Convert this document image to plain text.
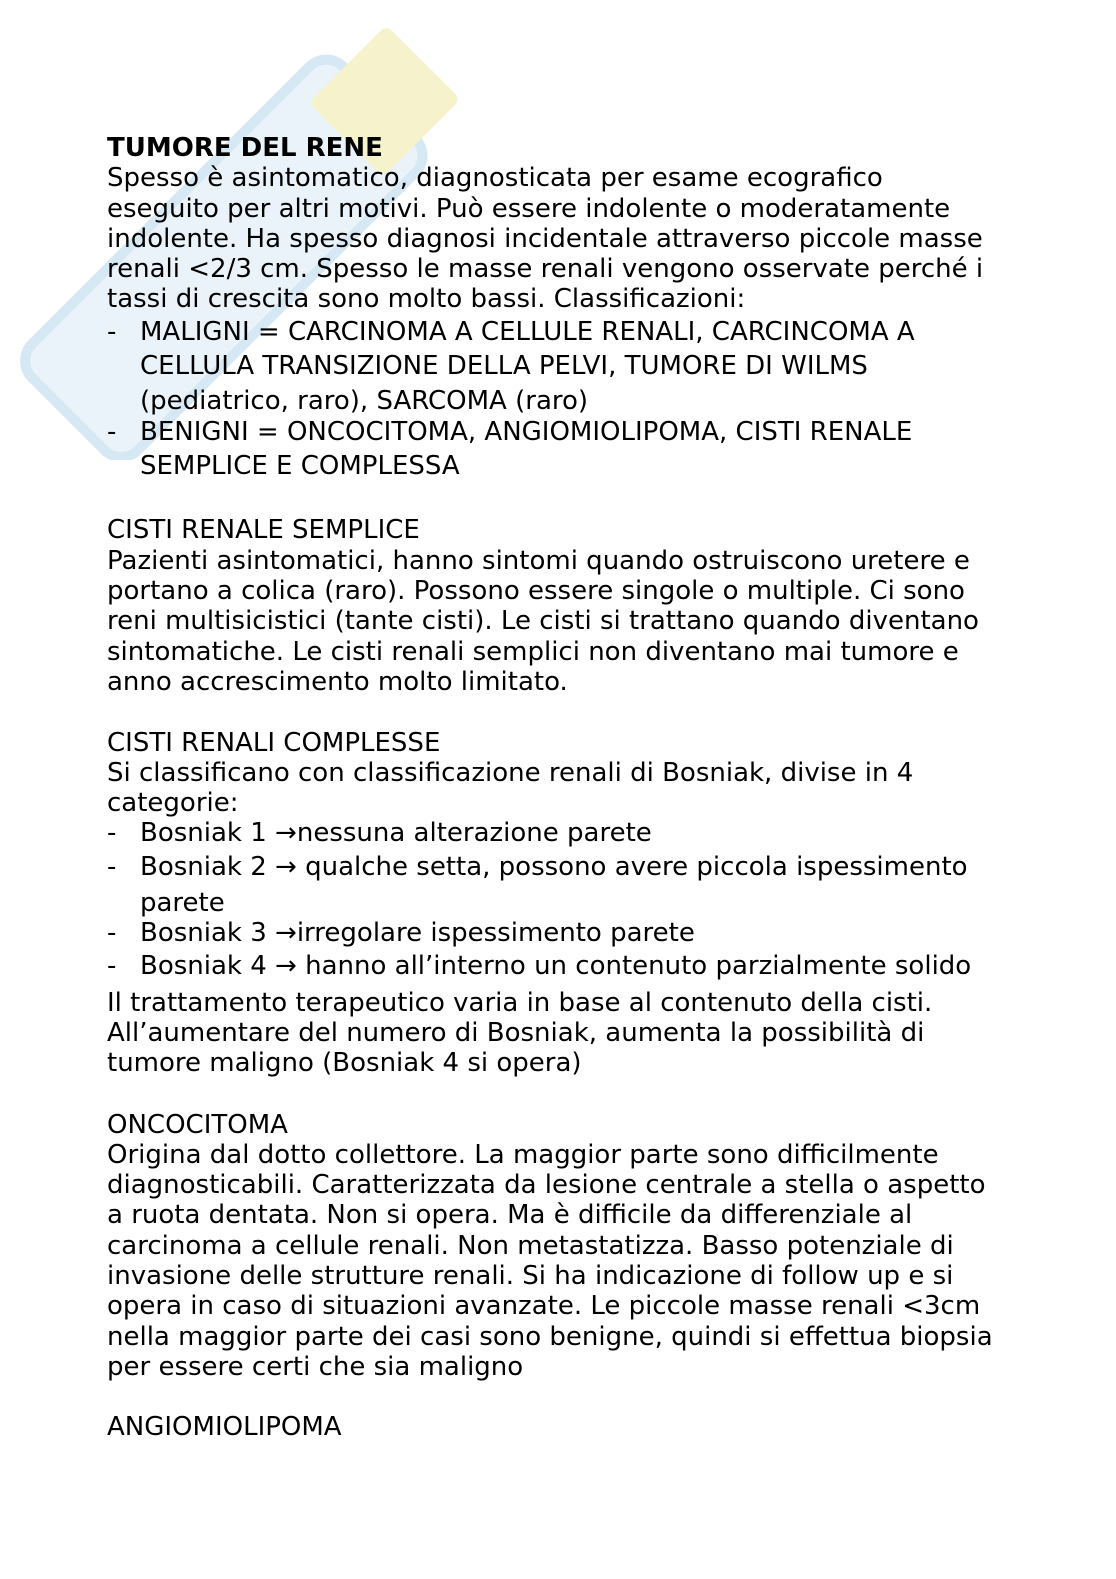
TUMORE DEL RENE
Spesso è asintomatico, diagnosticata per esame ecografico
eseguito per altri motivi. Può essere indolente o moderatamente
indolente. Ha spesso diagnosi incidentale attraverso piccole masse
renali <2/3 cm. Spesso le masse renali vengono osservate perché i
tassi di crescita sono molto bassi. Classificazioni:
- MALIGNI = CARCINOMA A CELLULE RENALI, CARCINCOMA A
CELLULA TRANSIZIONE DELLA PELVI, TUMORE DI WILMS
(pediatrico, raro), SARCOMA (raro)
- BENIGNI = ONCOCITOMA, ANGIOMIOLIPOMA, CISTI RENALE
SEMPLICE E COMPLESSA
CISTI RENALE SEMPLICE
Pazienti asintomatici, hanno sintomi quando ostruiscono uretere e
portano a colica (raro). Possono essere singole o multiple. Ci sono
reni multisicistici (tante cisti). Le cisti si trattano quando diventano
sintomatiche. Le cisti renali semplici non diventano mai tumore e
anno accrescimento molto limitato.
CISTI RENALI COMPLESSE
Si classificano con classificazione renali di Bosniak, divise in 4
categorie:
- Bosniak 1 →nessuna alterazione parete
- Bosniak 2 → qualche setta, possono avere piccola ispessimento
parete
- Bosniak 3 →irregolare ispessimento parete
- Bosniak 4 → hanno all’interno un contenuto parzialmente solido
Il trattamento terapeutico varia in base al contenuto della cisti.
All’aumentare del numero di Bosniak, aumenta la possibilità di
tumore maligno (Bosniak 4 si opera)
ONCOCITOMA
Origina dal dotto collettore. La maggior parte sono difficilmente
diagnosticabili. Caratterizzata da lesione centrale a stella o aspetto
a ruota dentata. Non si opera. Ma è difficile da differenziale al
carcinoma a cellule renali. Non metastatizza. Basso potenziale di
invasione delle strutture renali. Si ha indicazione di follow up e si
opera in caso di situazioni avanzate. Le piccole masse renali <3cm
nella maggior parte dei casi sono benigne, quindi si effettua biopsia
per essere certi che sia maligno
ANGIOMIOLIPOMA
